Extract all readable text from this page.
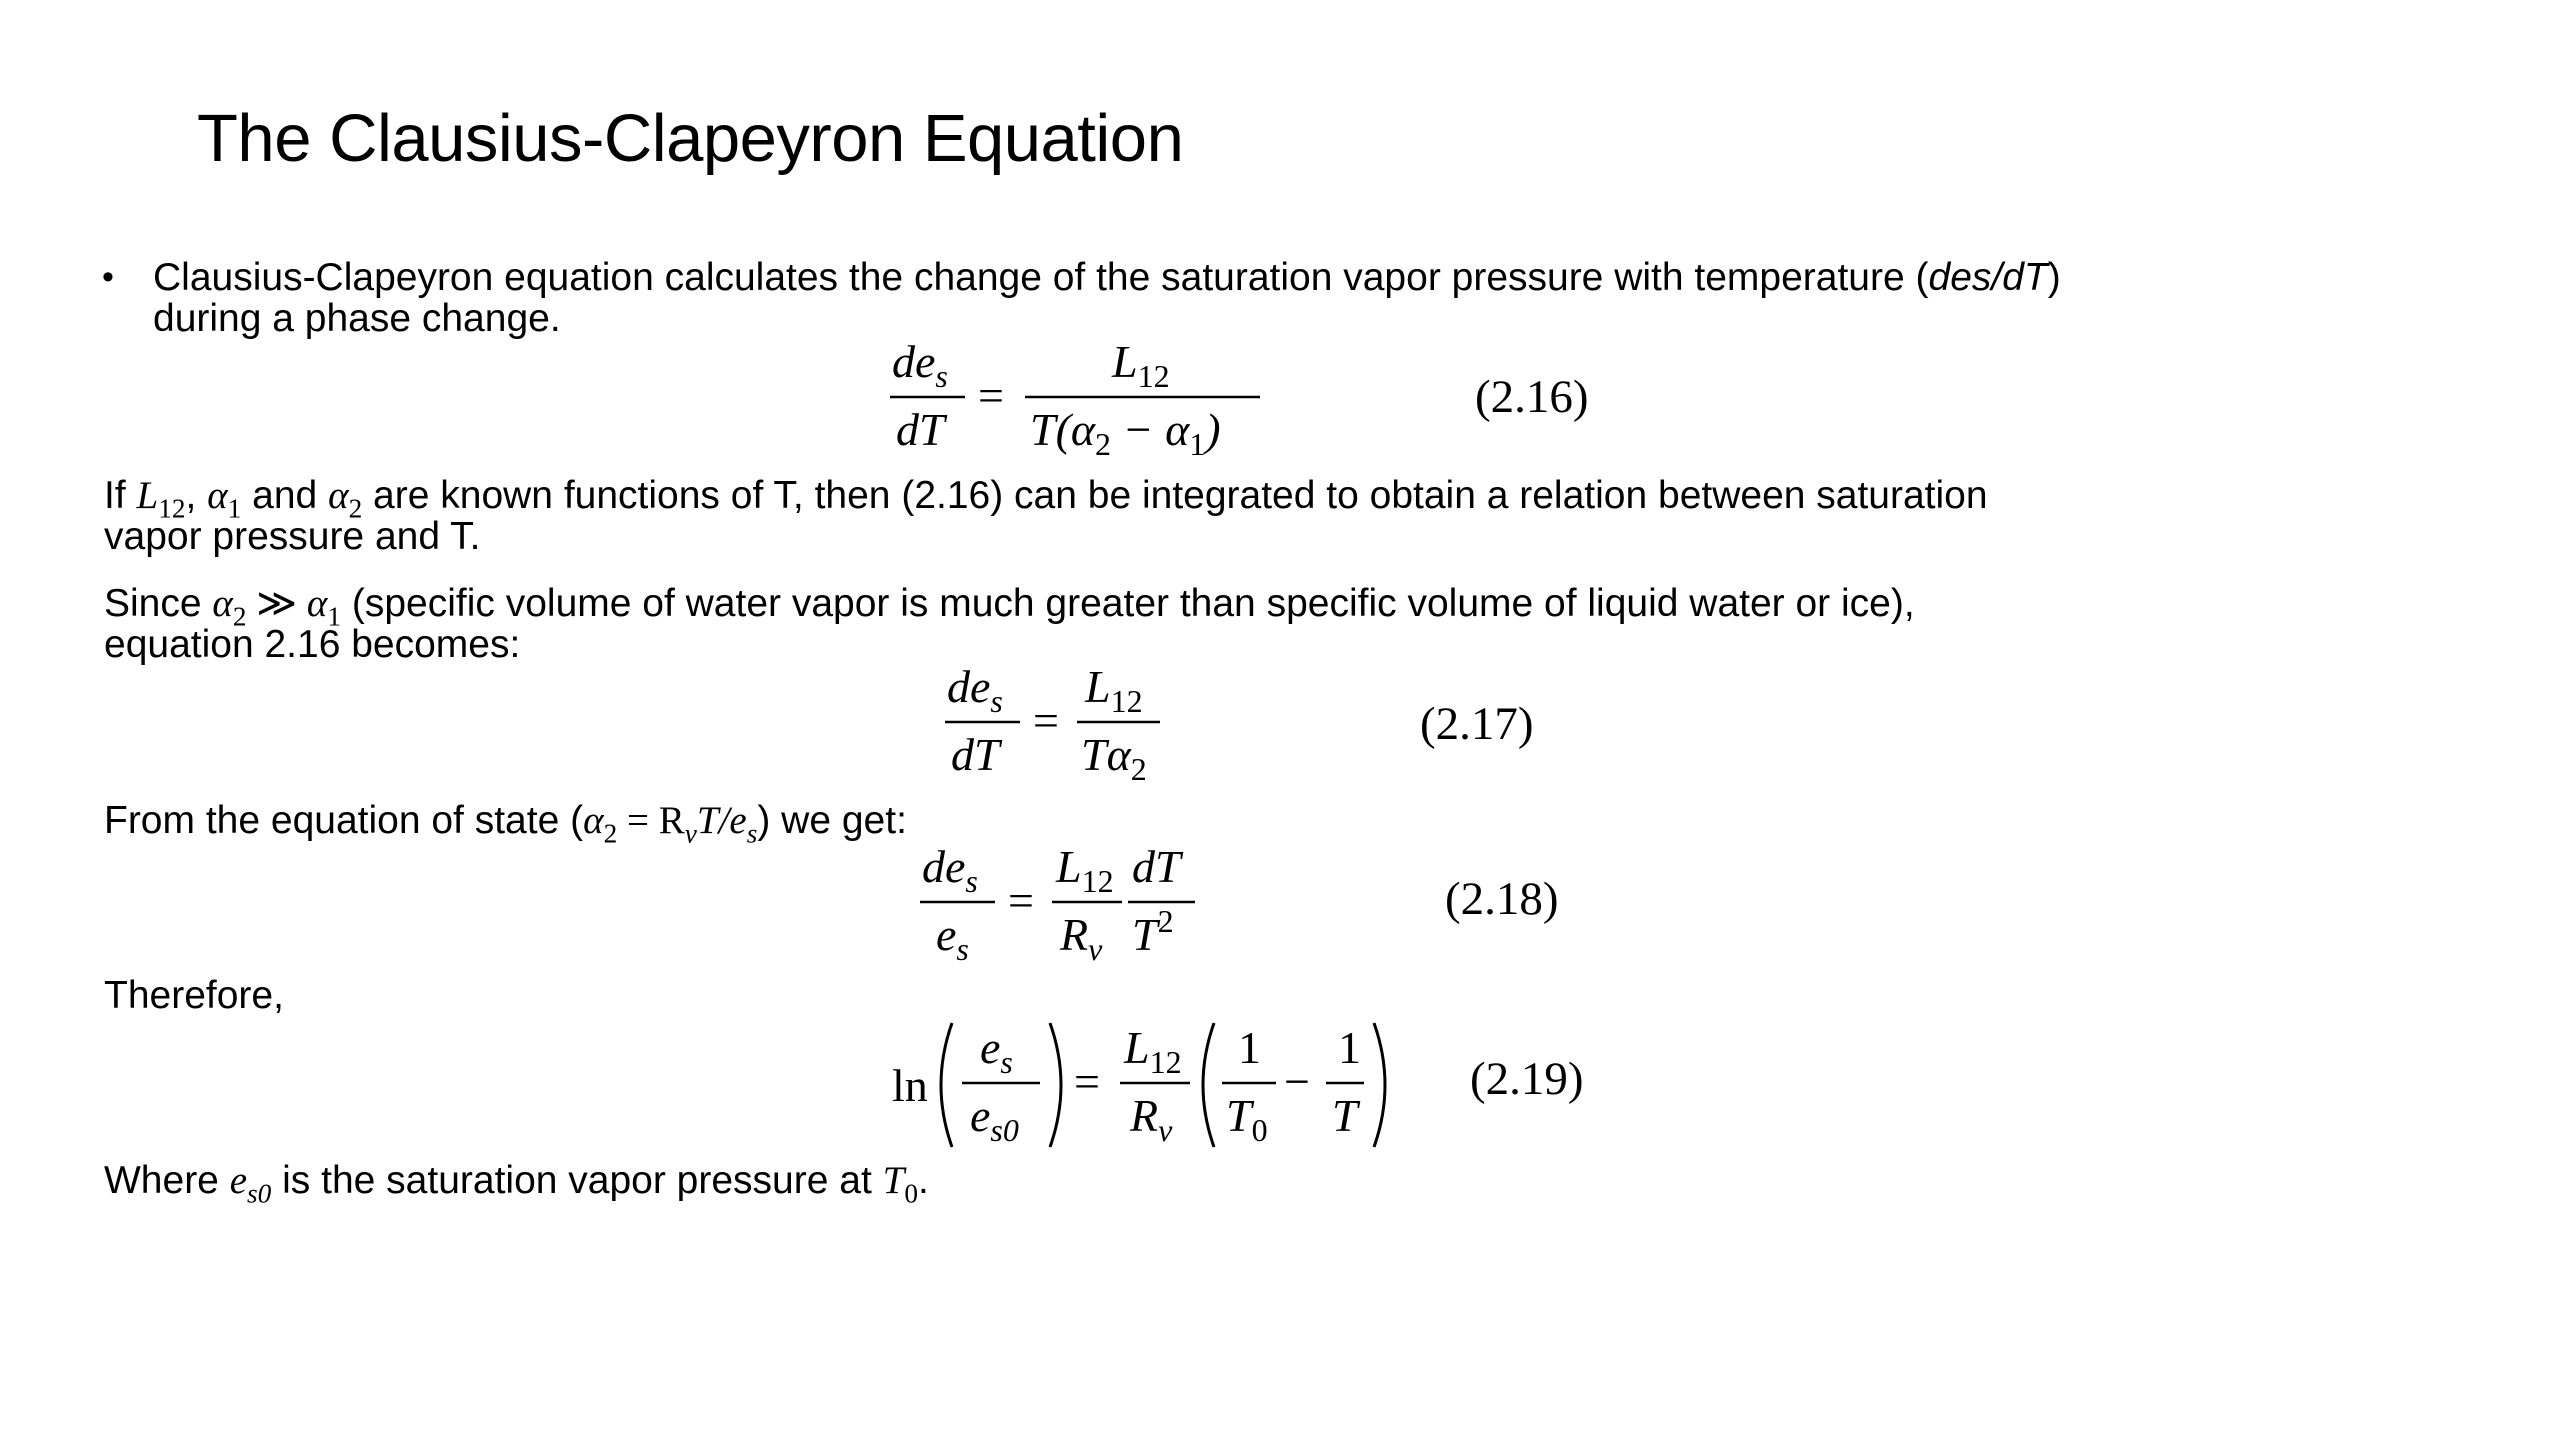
The Clausius-Clapeyron Equation
• Clausius-Clapeyron equation calculates the change of the saturation vapor pressure with temperature (des/dT)
during a phase change.
$de_s$
dT
=
$L_{12}$
$T(\alpha_2 - \alpha_1)$
(2.16)
If $L_{12}$, $\alpha_1$ and $\alpha_2$ are known functions of T, then (2.16) can be integrated to obtain a relation between saturation
vapor pressure and T.
Since $\alpha_2$ ≫ $\alpha_1$ (specific volume of water vapor is much greater than specific volume of liquid water or ice),
equation 2.16 becomes:
$de_s$
dT
=
$L_{12}$
$T\alpha_2$
(2.17)
From the equation of state $(\alpha_2 = R_vT/e_s)$ we get:
$de_s$
$e_s$
=
$L_{12}$
$R_v$
dT
$T^2$	(2.18)
Therefore,
ln
$e_s$
$e_{s0}$
=
$L_{12}$
$R_v$
1
$T_0$
−
1
T
(2.19)
Where $e_{s0}$ is the saturation vapor pressure at $T_0$.
